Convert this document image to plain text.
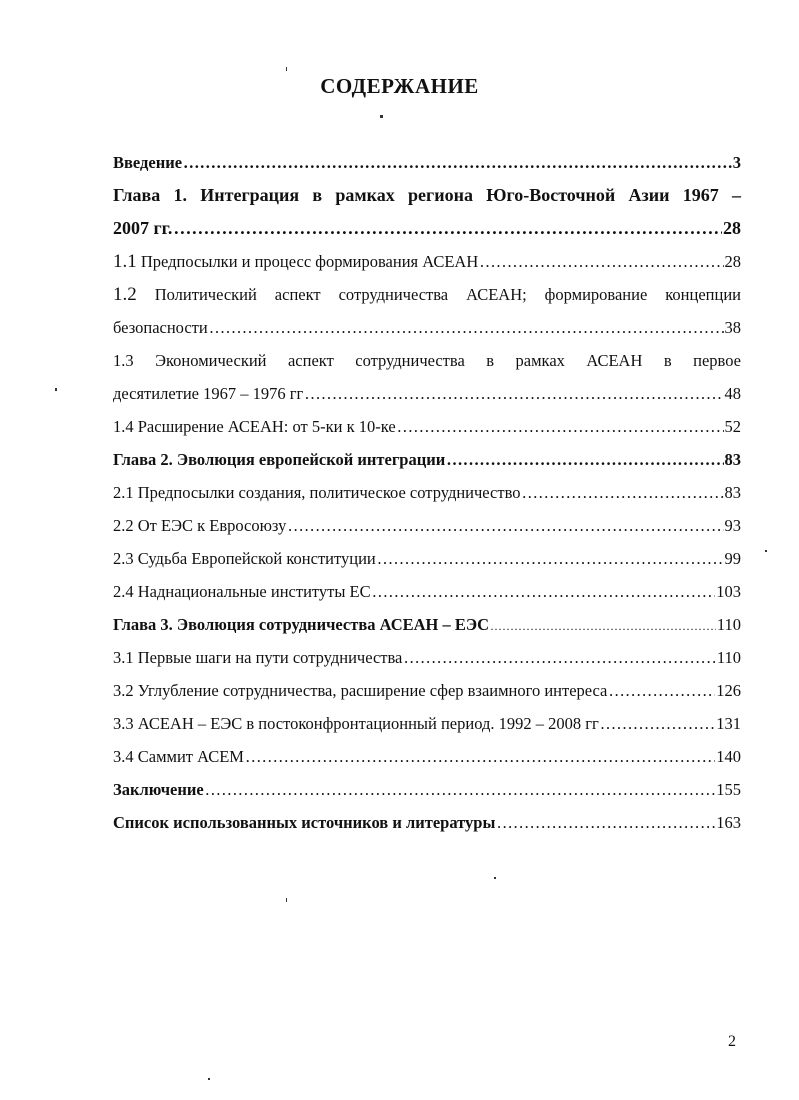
СОДЕРЖАНИЕ
Введение ……………………………………………………………………………………………………………………………………………………	3
Глава 1. Интеграция в рамках региона Юго-Восточной Азии 1967 –
2007 гг. ……………………………………………………………………………………………………………………………………………………	28
1.1 Предпосылки и процесс формирования АСЕАН ……………………………………………………………………………………………………………………………………………………	28
1.2 Политический аспект сотрудничества АСЕАН; формирование концепции
безопасности ……………………………………………………………………………………………………………………………………………………	38
1.3 Экономический аспект сотрудничества в рамках АСЕАН в первое
десятилетие 1967 – 1976 гг ……………………………………………………………………………………………………………………………………………………	48
1.4 Расширение АСЕАН: от 5-ки к 10-ке ……………………………………………………………………………………………………………………………………………………	52
Глава 2. Эволюция европейской интеграции ……………………………………………………………………………………………………………………………………………………	83
2.1 Предпосылки создания, политическое сотрудничество ……………………………………………………………………………………………………………………………………………………	83
2.2 От ЕЭС к Евросоюзу ……………………………………………………………………………………………………………………………………………………	93
2.3 Судьба Европейской конституции ……………………………………………………………………………………………………………………………………………………	99
2.4 Наднациональные институты ЕС ……………………………………………………………………………………………………………………………………………………	103
Глава 3. Эволюция сотрудничества АСЕАН – ЕЭС ……………………………………………………………………………………………………………………………………………………	110
3.1 Первые шаги на пути сотрудничества ……………………………………………………………………………………………………………………………………………………	110
3.2 Углубление сотрудничества, расширение сфер взаимного интереса ……………………………………………………………………………………………………………………………………………………	126
3.3 АСЕАН – ЕЭС в постоконфронтационный период. 1992 – 2008 гг ……………………………………………………………………………………………………………………………………………………	131
3.4 Саммит АСЕМ ……………………………………………………………………………………………………………………………………………………	140
Заключение ……………………………………………………………………………………………………………………………………………………	155
Список использованных источников и литературы ……………………………………………………………………………………………………………………………………………………	163
2
